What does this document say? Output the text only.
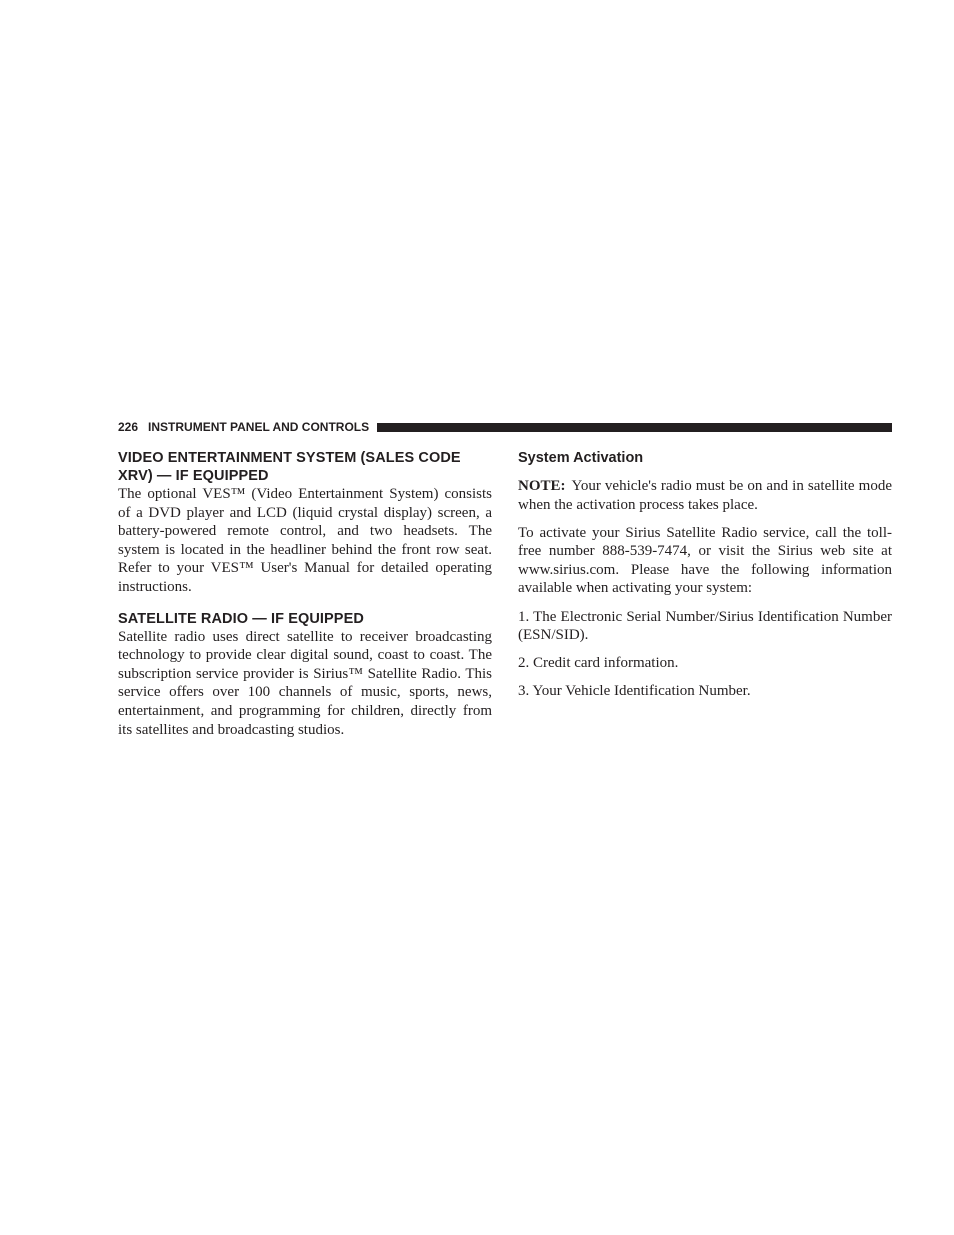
226 INSTRUMENT PANEL AND CONTROLS
VIDEO ENTERTAINMENT SYSTEM (SALES CODE XRV) — IF EQUIPPED

The optional VES™ (Video Entertainment System) consists of a DVD player and LCD (liquid crystal display) screen, a battery-powered remote control, and two headsets. The system is located in the headliner behind the front row seat. Refer to your VES™ User's Manual for detailed operating instructions.

SATELLITE RADIO — IF EQUIPPED

Satellite radio uses direct satellite to receiver broadcasting technology to provide clear digital sound, coast to coast. The subscription service provider is Sirius™ Satellite Radio. This service offers over 100 channels of music, sports, news, entertainment, and programming for children, directly from its satellites and broadcasting studios.

System Activation

NOTE: Your vehicle's radio must be on and in satellite mode when the activation process takes place.

To activate your Sirius Satellite Radio service, call the toll-free number 888-539-7474, or visit the Sirius web site at www.sirius.com. Please have the following information available when activating your system:

1. The Electronic Serial Number/Sirius Identification Number (ESN/SID).

2. Credit card information.

3. Your Vehicle Identification Number.
